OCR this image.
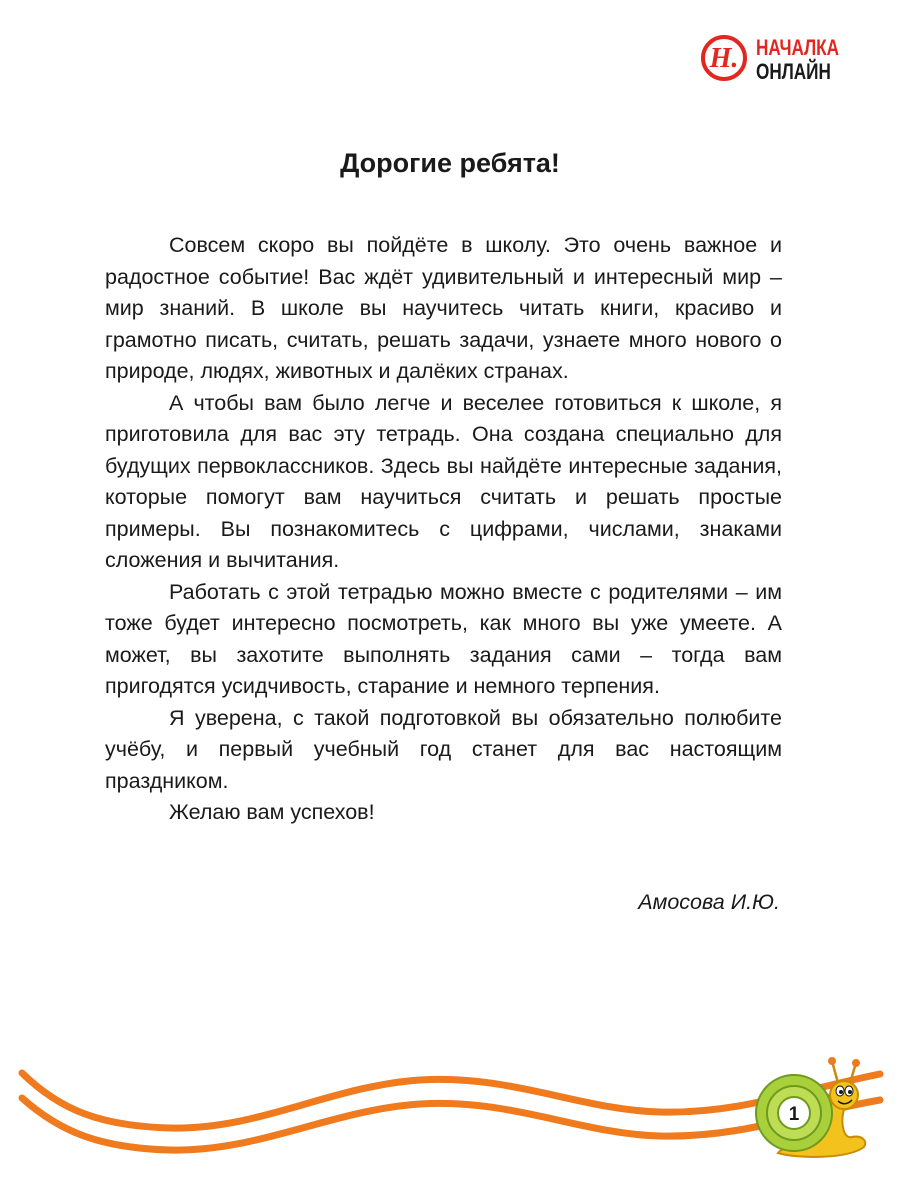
Н. НАЧАЛКА
ОНЛАЙН
Дорогие ребята!

Совсем скоро вы пойдёте в школу. Это очень важное и радостное событие! Вас ждёт удивительный и интересный мир – мир знаний. В школе вы научитесь читать книги, красиво и грамотно писать, считать, решать задачи, узнаете много нового о природе, людях, животных и далёких странах.

А чтобы вам было легче и веселее готовиться к школе, я приготовила для вас эту тетрадь. Она создана специально для будущих первоклассников. Здесь вы найдёте интересные задания, которые помогут вам научиться считать и решать простые примеры. Вы познакомитесь с цифрами, числами, знаками сложения и вычитания.

Работать с этой тетрадью можно вместе с родителями – им тоже будет интересно посмотреть, как много вы уже умеете. А может, вы захотите выполнять задания сами – тогда вам пригодятся усидчивость, старание и немного терпения.

Я уверена, с такой подготовкой вы обязательно полюбите учёбу, и первый учебный год станет для вас настоящим праздником.

Желаю вам успехов!

Амосова И.Ю.
1
